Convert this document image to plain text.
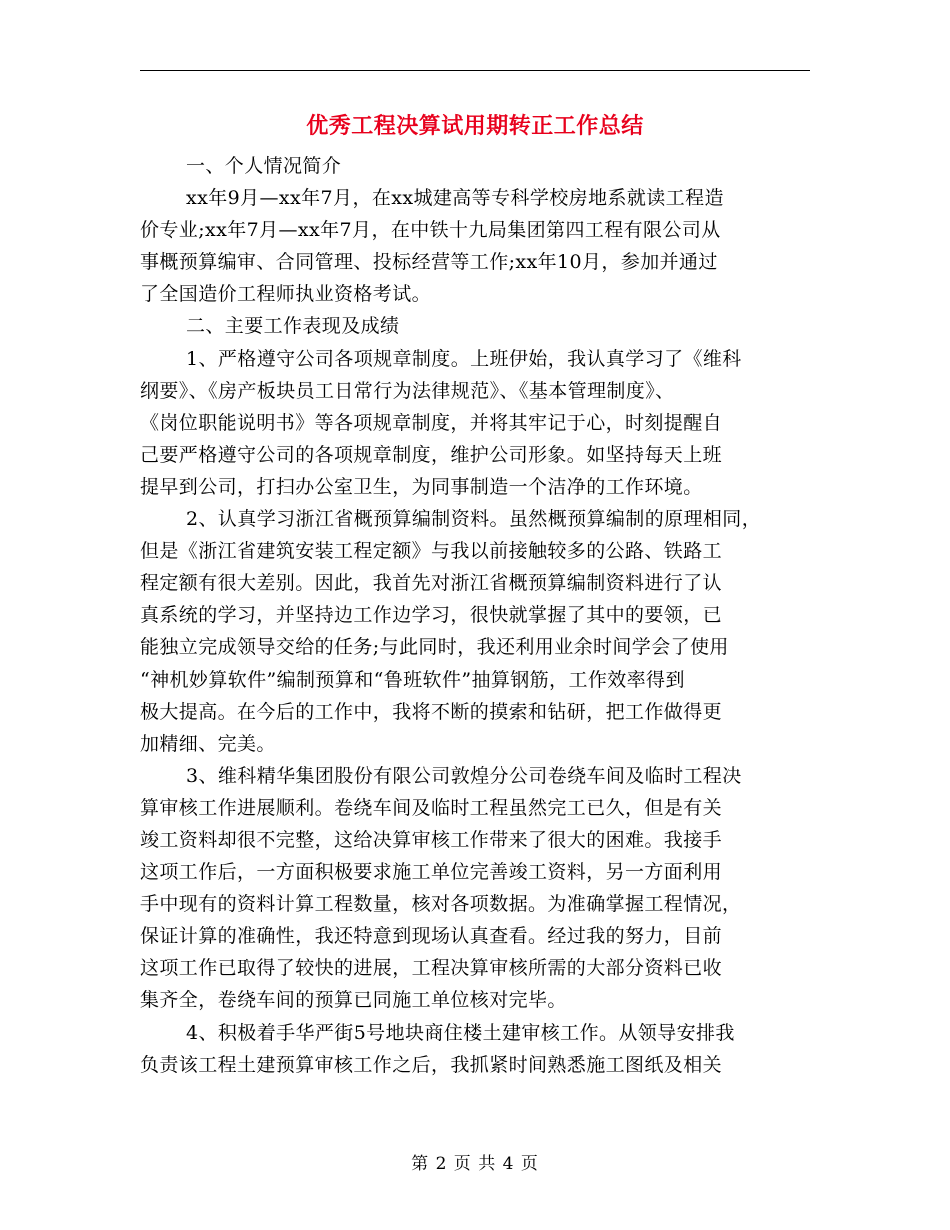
优秀工程决算试用期转正工作总结
一、个人情况简介
xx年9月—xx年7月，在xx城建高等专科学校房地系就读工程造
价专业;xx年7月—xx年7月，在中铁十九局集团第四工程有限公司从
事概预算编审、合同管理、投标经营等工作;xx年10月，参加并通过
了全国造价工程师执业资格考试。
二、主要工作表现及成绩
1、严格遵守公司各项规章制度。上班伊始，我认真学习了《维科
纲要》、《房产板块员工日常行为法律规范》、《基本管理制度》、
《岗位职能说明书》等各项规章制度，并将其牢记于心，时刻提醒自
己要严格遵守公司的各项规章制度，维护公司形象。如坚持每天上班
提早到公司，打扫办公室卫生，为同事制造一个洁净的工作环境。
2、认真学习浙江省概预算编制资料。虽然概预算编制的原理相同，
但是《浙江省建筑安装工程定额》与我以前接触较多的公路、铁路工
程定额有很大差别。因此，我首先对浙江省概预算编制资料进行了认
真系统的学习，并坚持边工作边学习，很快就掌握了其中的要领，已
能独立完成领导交给的任务;与此同时，我还利用业余时间学会了使用
“神机妙算软件”编制预算和“鲁班软件”抽算钢筋，工作效率得到
极大提高。在今后的工作中，我将不断的摸索和钻研，把工作做得更
加精细、完美。
3、维科精华集团股份有限公司敦煌分公司卷绕车间及临时工程决
算审核工作进展顺利。卷绕车间及临时工程虽然完工已久，但是有关
竣工资料却很不完整，这给决算审核工作带来了很大的困难。我接手
这项工作后，一方面积极要求施工单位完善竣工资料，另一方面利用
手中现有的资料计算工程数量，核对各项数据。为准确掌握工程情况，
保证计算的准确性，我还特意到现场认真查看。经过我的努力，目前
这项工作已取得了较快的进展，工程决算审核所需的大部分资料已收
集齐全，卷绕车间的预算已同施工单位核对完毕。
4、积极着手华严街5号地块商住楼土建审核工作。从领导安排我
负责该工程土建预算审核工作之后，我抓紧时间熟悉施工图纸及相关
第 2 页 共 4 页
